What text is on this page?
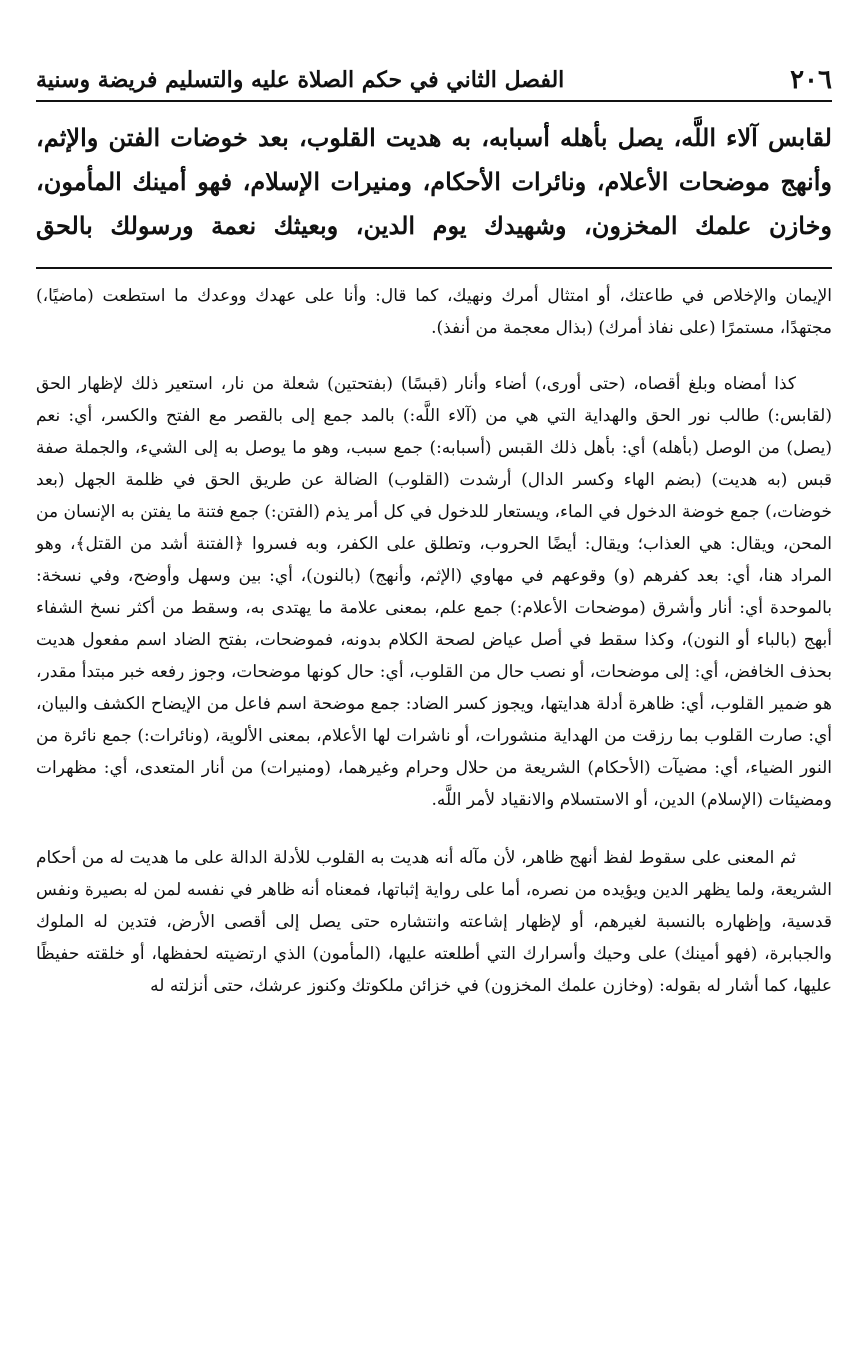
٢٠٦
الفصل الثاني في حكم الصلاة عليه والتسليم فريضة وسنية
لقابس آلاء اللَّه، يصل بأهله أسبابه، به هديت القلوب، بعد خوضات الفتن والإثم،
وأنهج موضحات الأعلام، ونائرات الأحكام، ومنيرات الإسلام، فهو أمينك المأمون،
وخازن علمك المخزون، وشهيدك يوم الدين، وبعيثك نعمة ورسولك بالحق

الإيمان والإخلاص في طاعتك، أو امتثال أمرك ونهيك، كما قال: وأنا على عهدك ووعدك ما استطعت (ماضيًا،) مجتهدًا، مستمرًا (على نفاذ أمرك) (بذال معجمة من أنفذ).

كذا أمضاه وبلغ أقصاه، (حتى أورى،) أضاء وأنار (قبسًا) (بفتحتين) شعلة من نار، استعير ذلك لإظهار الحق (لقابس:) طالب نور الحق والهداية التي هي من (آلاء اللَّه:) بالمد جمع إلى بالقصر مع الفتح والكسر، أي: نعم (يصل) من الوصل (بأهله) أي: بأهل ذلك القبس (أسبابه:) جمع سبب، وهو ما يوصل به إلى الشيء، والجملة صفة قبس (به هديت) (بضم الهاء وكسر الدال) أرشدت (القلوب) الضالة عن طريق الحق في ظلمة الجهل (بعد خوضات،) جمع خوضة الدخول في الماء، ويستعار للدخول في كل أمر يذم (الفتن:) جمع فتنة ما يفتن به الإنسان من المحن، ويقال: هي العذاب؛ ويقال: أيضًا الحروب، وتطلق على الكفر، وبه فسروا ﴿الفتنة أشد من القتل﴾، وهو المراد هنا، أي: بعد كفرهم (و) وقوعهم في مهاوي (الإثم، وأنهج) (بالنون)، أي: بين وسهل وأوضح، وفي نسخة: بالموحدة أي: أنار وأشرق (موضحات الأعلام:) جمع علم، بمعنى علامة ما يهتدى به، وسقط من أكثر نسخ الشفاء أبهج (بالباء أو النون)، وكذا سقط في أصل عياض لصحة الكلام بدونه، فموضحات، بفتح الضاد اسم مفعول هديت بحذف الخافض، أي: إلى موضحات، أو نصب حال من القلوب، أي: حال كونها موضحات، وجوز رفعه خبر مبتدأ مقدر، هو ضمير القلوب، أي: ظاهرة أدلة هدايتها، ويجوز كسر الضاد: جمع موضحة اسم فاعل من الإيضاح الكشف والبيان، أي: صارت القلوب بما رزقت من الهداية منشورات، أو ناشرات لها الأعلام، بمعنى الألوية، (ونائرات:) جمع نائرة من النور الضياء، أي: مضيآت (الأحكام) الشريعة من حلال وحرام وغيرهما، (ومنيرات) من أنار المتعدى، أي: مظهرات ومضيئات (الإسلام) الدين، أو الاستسلام والانقياد لأمر اللَّه.

ثم المعنى على سقوط لفظ أنهج ظاهر، لأن مآله أنه هديت به القلوب للأدلة الدالة على ما هديت له من أحكام الشريعة، ولما يظهر الدين ويؤيده من نصره، أما على رواية إثباتها، فمعناه أنه ظاهر في نفسه لمن له بصيرة ونفس قدسية، وإظهاره بالنسبة لغيرهم، أو لإظهار إشاعته وانتشاره حتى يصل إلى أقصى الأرض، فتدين له الملوك والجبابرة، (فهو أمينك) على وحيك وأسرارك التي أطلعته عليها، (المأمون) الذي ارتضيته لحفظها، أو خلقته حفيظًا عليها، كما أشار له بقوله: (وخازن علمك المخزون) في خزائن ملكوتك وكنوز عرشك، حتى أنزلته له
